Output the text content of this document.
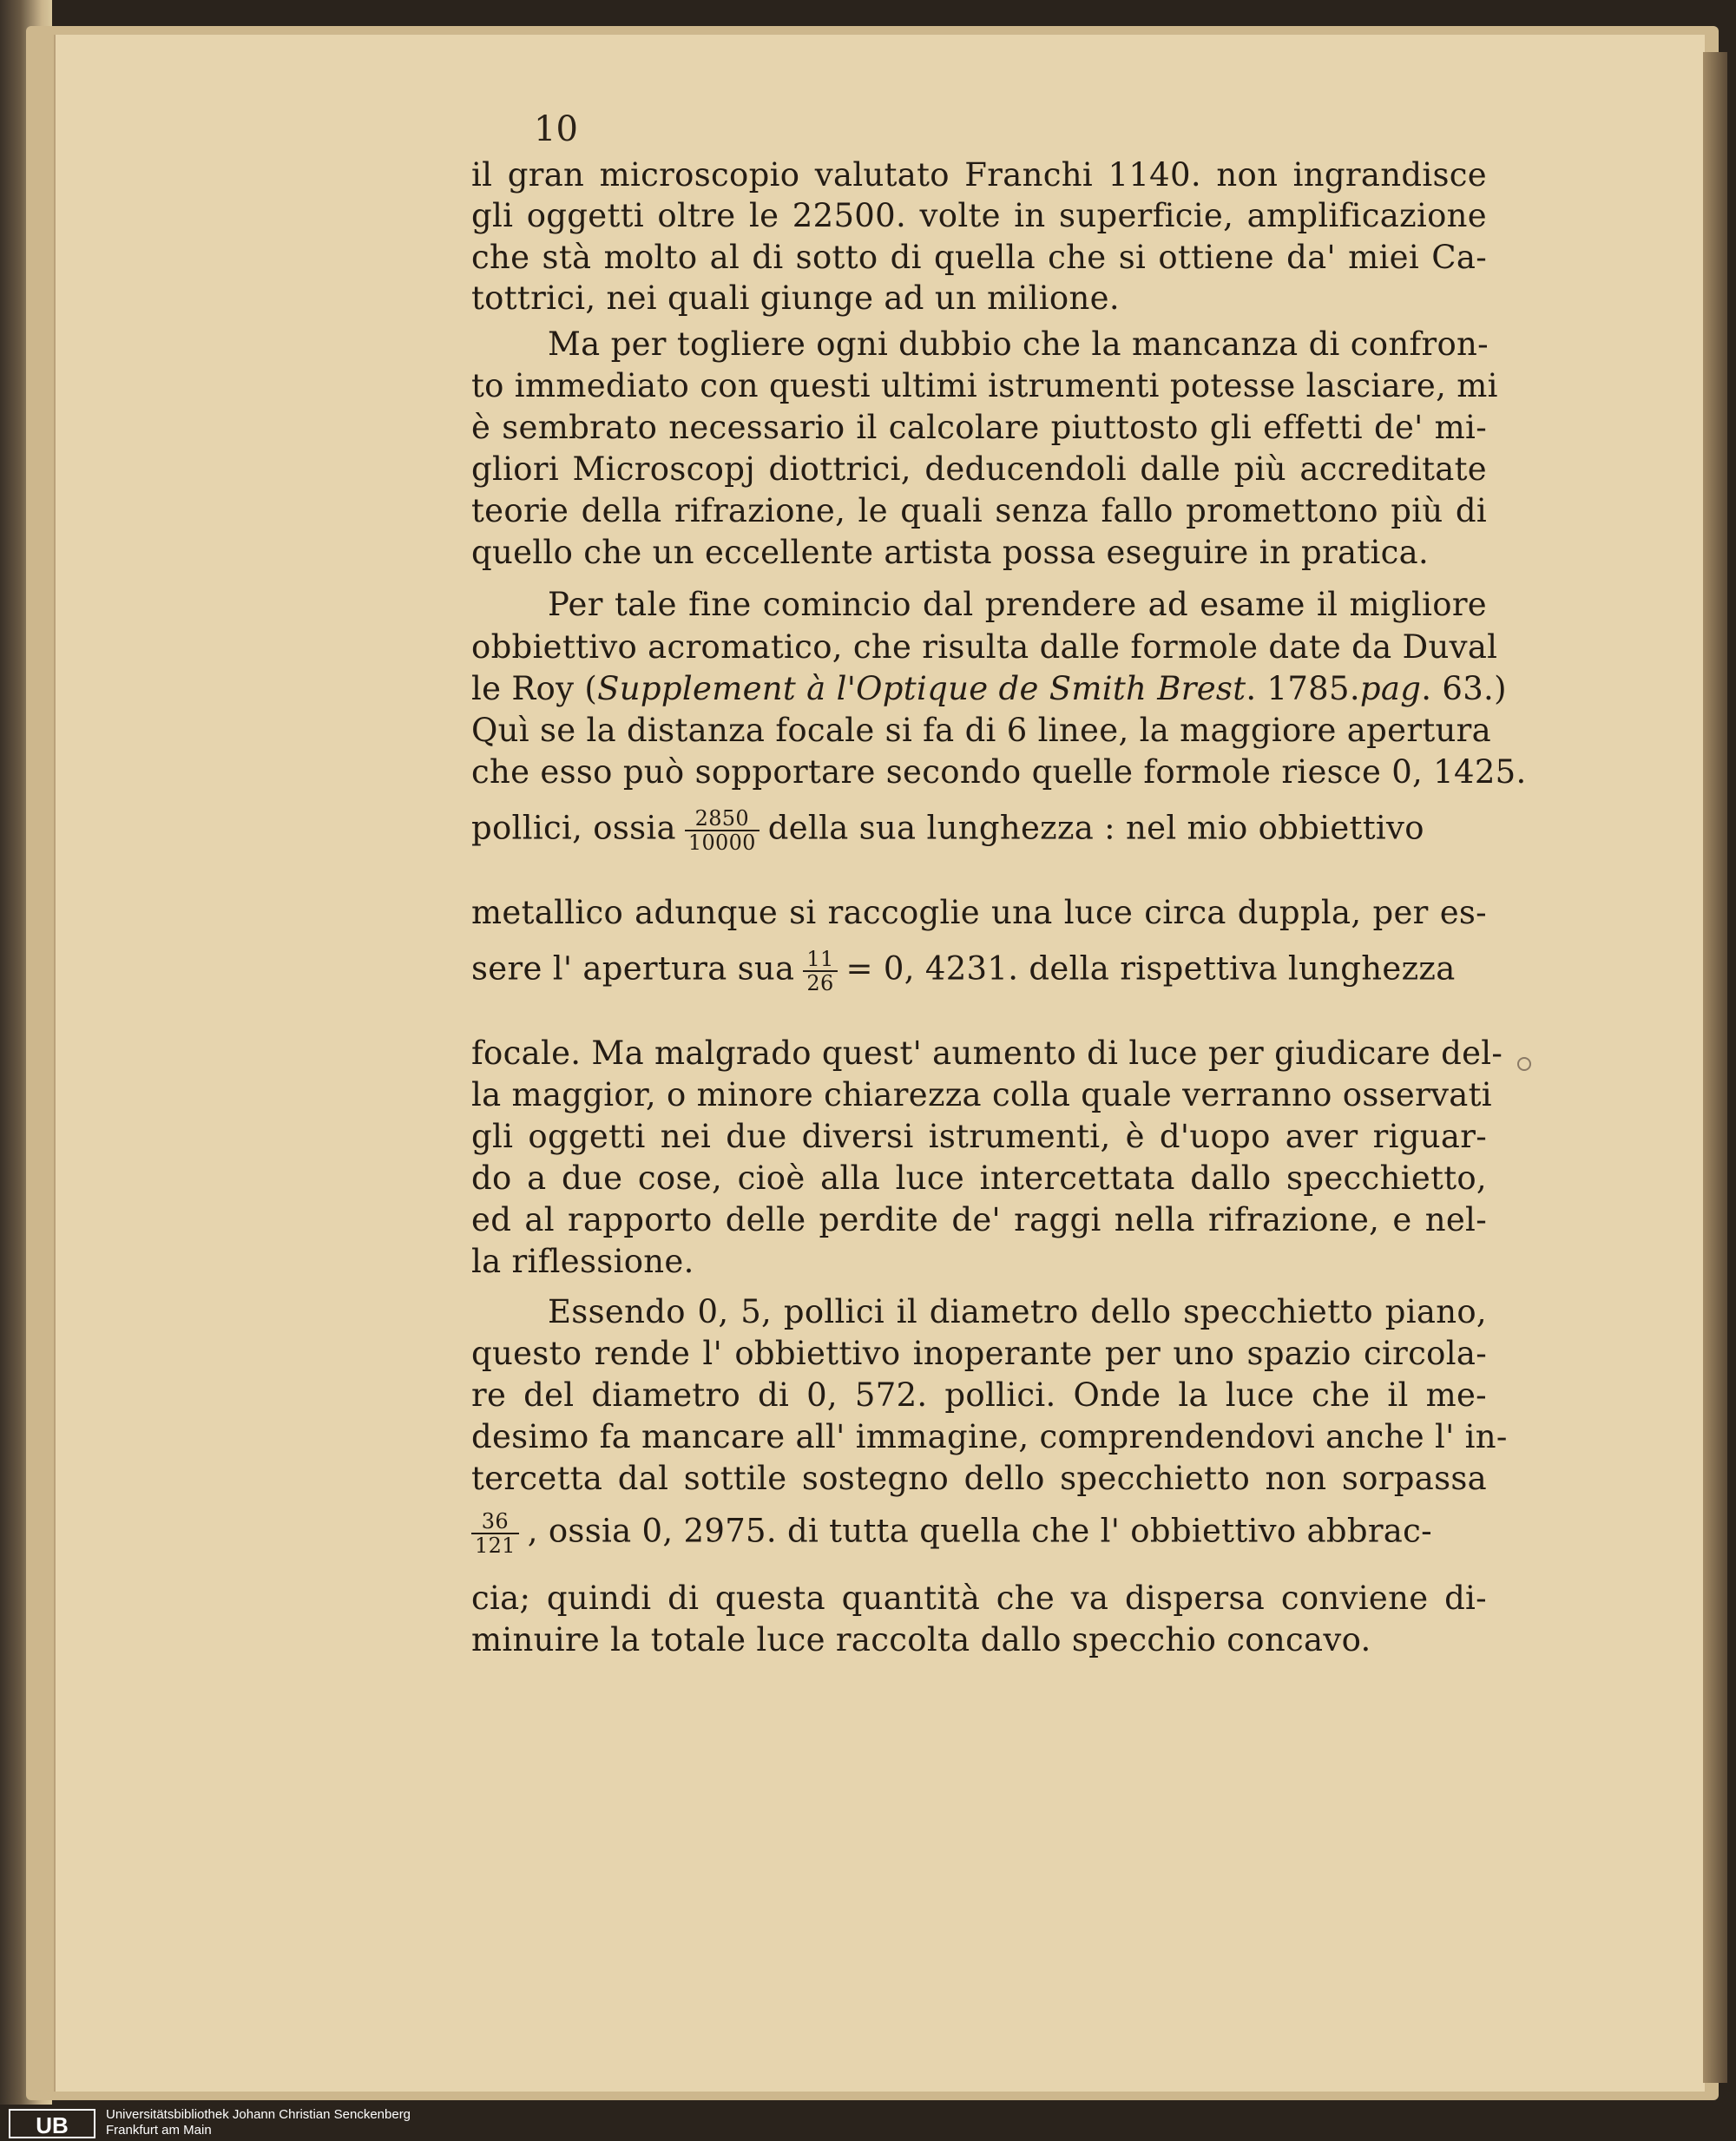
10
il gran microscopio valutato Franchi 1140. non ingrandisce
gli oggetti oltre le 22500. volte in superficie, amplificazione
che stà molto al di sotto di quella che si ottiene da' miei Ca-
tottrici, nei quali giunge ad un milione.
Ma per togliere ogni dubbio che la mancanza di confron-
to immediato con questi ultimi istrumenti potesse lasciare, mi
è sembrato necessario il calcolare piuttosto gli effetti de' mi-
gliori Microscopj diottrici, deducendoli dalle più accreditate
teorie della rifrazione, le quali senza fallo promettono più di
quello che un eccellente artista possa eseguire in pratica.
Per tale fine comincio dal prendere ad esame il migliore
obbiettivo acromatico, che risulta dalle formole date da Duval
le Roy (Supplement à l'Optique de Smith Brest. 1785.pag. 63.)
Quì se la distanza focale si fa di 6 linee, la maggiore apertura
che esso può sopportare secondo quelle formole riesce 0, 1425.
pollici, ossia $\frac{2850}{10000}$ della sua lunghezza : nel mio obbiettivo
metallico adunque si raccoglie una luce circa duppla, per es-
sere l' apertura sua $\frac{11}{26} = 0$, 4231. della rispettiva lunghezza
focale. Ma malgrado quest' aumento di luce per giudicare del-
la maggior, o minore chiarezza colla quale verranno osservati
gli oggetti nei due diversi istrumenti, è d'uopo aver riguar-
do a due cose, cioè alla luce intercettata dallo specchietto,
ed al rapporto delle perdite de' raggi nella rifrazione, e nel-
la riflessione.
Essendo 0, 5, pollici il diametro dello specchietto piano,
questo rende l' obbiettivo inoperante per uno spazio circola-
re del diametro di 0, 572. pollici. Onde la luce che il me-
desimo fa mancare all' immagine, comprendendovi anche l' in-
tercetta dal sottile sostegno dello specchietto non sorpassa
$\frac{36}{121}$ , ossia 0, 2975. di tutta quella che l' obbiettivo abbrac-
cia; quindi di questa quantità che va dispersa conviene di-
minuire la totale luce raccolta dallo specchio concavo.
UB	Universitätsbibliothek Johann Christian Senckenberg
Frankfurt am Main
